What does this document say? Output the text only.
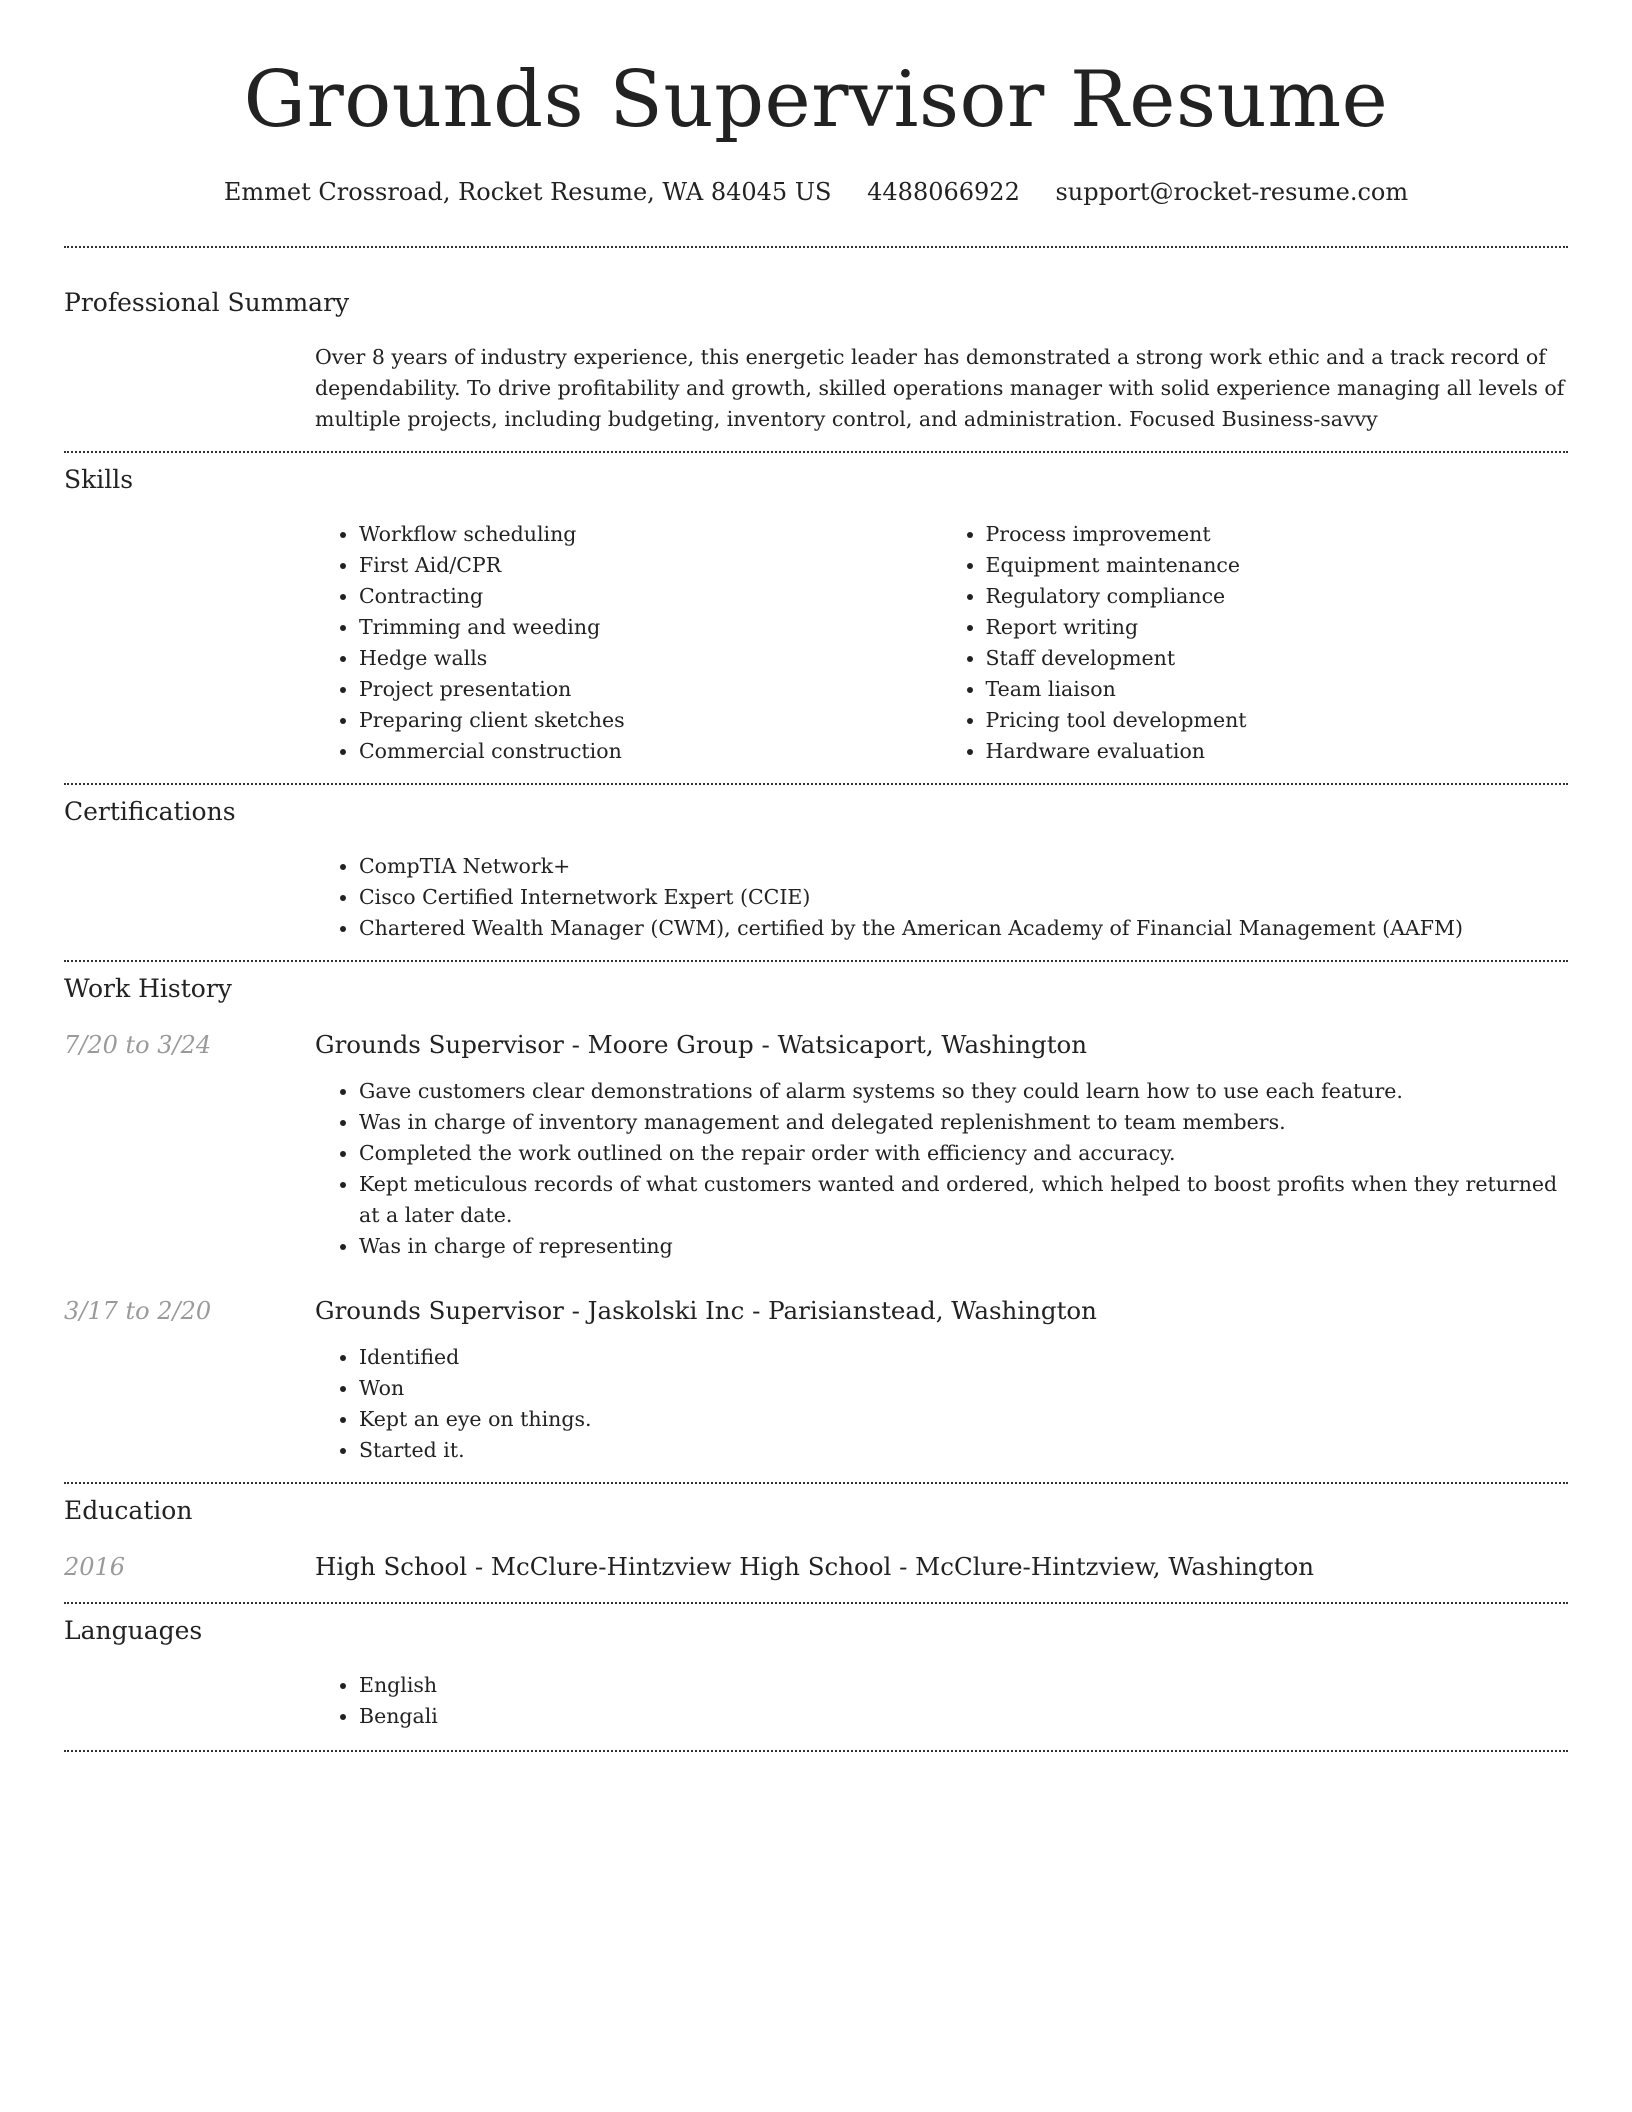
Grounds Supervisor Resume
Emmet Crossroad, Rocket Resume, WA 84045 US 4488066922 support@rocket-resume.com
Professional Summary
Over 8 years of industry experience, this energetic leader has demonstrated a strong work ethic and a track record of dependability. To drive profitability and growth, skilled operations manager with solid experience managing all levels of multiple projects, including budgeting, inventory control, and administration. Focused Business-savvy
Skills
• Workflow scheduling
• First Aid/CPR
• Contracting
• Trimming and weeding
• Hedge walls
• Project presentation
• Preparing client sketches
• Commercial construction
• Process improvement
• Equipment maintenance
• Regulatory compliance
• Report writing
• Staff development
• Team liaison
• Pricing tool development
• Hardware evaluation
Certifications
• CompTIA Network+
• Cisco Certified Internetwork Expert (CCIE)
• Chartered Wealth Manager (CWM), certified by the American Academy of Financial Management (AAFM)
Work History
7/20 to 3/24	Grounds Supervisor - Moore Group - Watsicaport, Washington
• Gave customers clear demonstrations of alarm systems so they could learn how to use each feature.
• Was in charge of inventory management and delegated replenishment to team members.
• Completed the work outlined on the repair order with efficiency and accuracy.
• Kept meticulous records of what customers wanted and ordered, which helped to boost profits when they returned at a later date.
• Was in charge of representing
3/17 to 2/20	Grounds Supervisor - Jaskolski Inc - Parisianstead, Washington
• Identified
• Won
• Kept an eye on things.
• Started it.
Education
2016	High School - McClure-Hintzview High School - McClure-Hintzview, Washington
Languages
• English
• Bengali
